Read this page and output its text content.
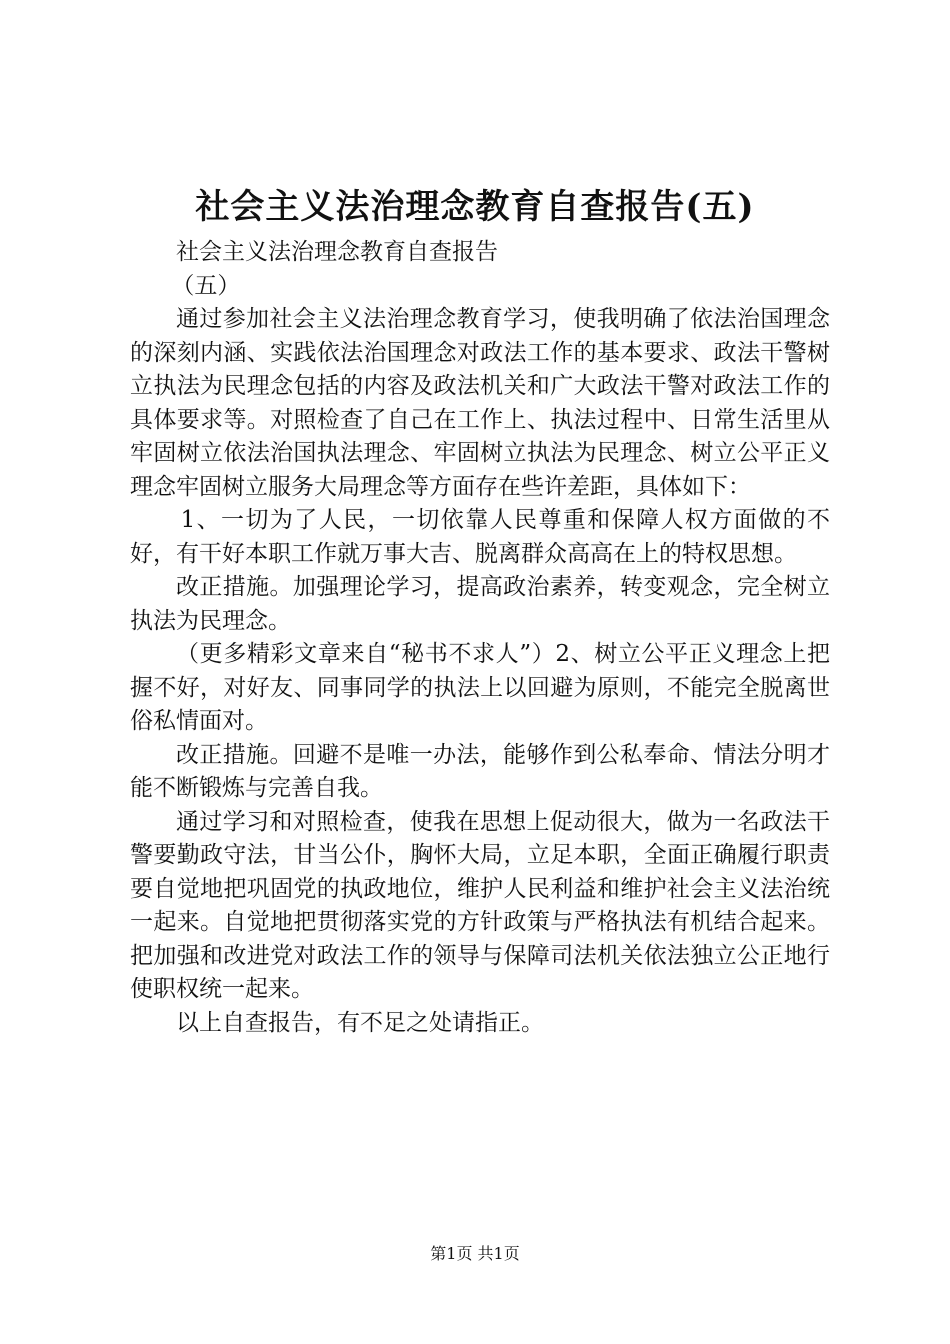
社会主义法治理念教育自查报告(五)

社会主义法治理念教育自查报告

（五）

通过参加社会主义法治理念教育学习，使我明确了依法治国理念的深刻内涵、实践依法治国理念对政法工作的基本要求、政法干警树立执法为民理念包括的内容及政法机关和广大政法干警对政法工作的具体要求等。对照检查了自己在工作上、执法过程中、日常生活里从牢固树立依法治国执法理念、牢固树立执法为民理念、树立公平正义理念牢固树立服务大局理念等方面存在些许差距，具体如下：

1、一切为了人民，一切依靠人民尊重和保障人权方面做的不好，有干好本职工作就万事大吉、脱离群众高高在上的特权思想。

改正措施。加强理论学习，提高政治素养，转变观念，完全树立执法为民理念。

（更多精彩文章来自“秘书不求人”）2、树立公平正义理念上把握不好，对好友、同事同学的执法上以回避为原则，不能完全脱离世俗私情面对。

改正措施。回避不是唯一办法，能够作到公私奉命、情法分明才能不断锻炼与完善自我。

通过学习和对照检查，使我在思想上促动很大，做为一名政法干警要勤政守法，甘当公仆，胸怀大局，立足本职，全面正确履行职责要自觉地把巩固党的执政地位，维护人民利益和维护社会主义法治统一起来。自觉地把贯彻落实党的方针政策与严格执法有机结合起来。把加强和改进党对政法工作的领导与保障司法机关依法独立公正地行使职权统一起来。

以上自查报告，有不足之处请指正。

第1页 共1页
